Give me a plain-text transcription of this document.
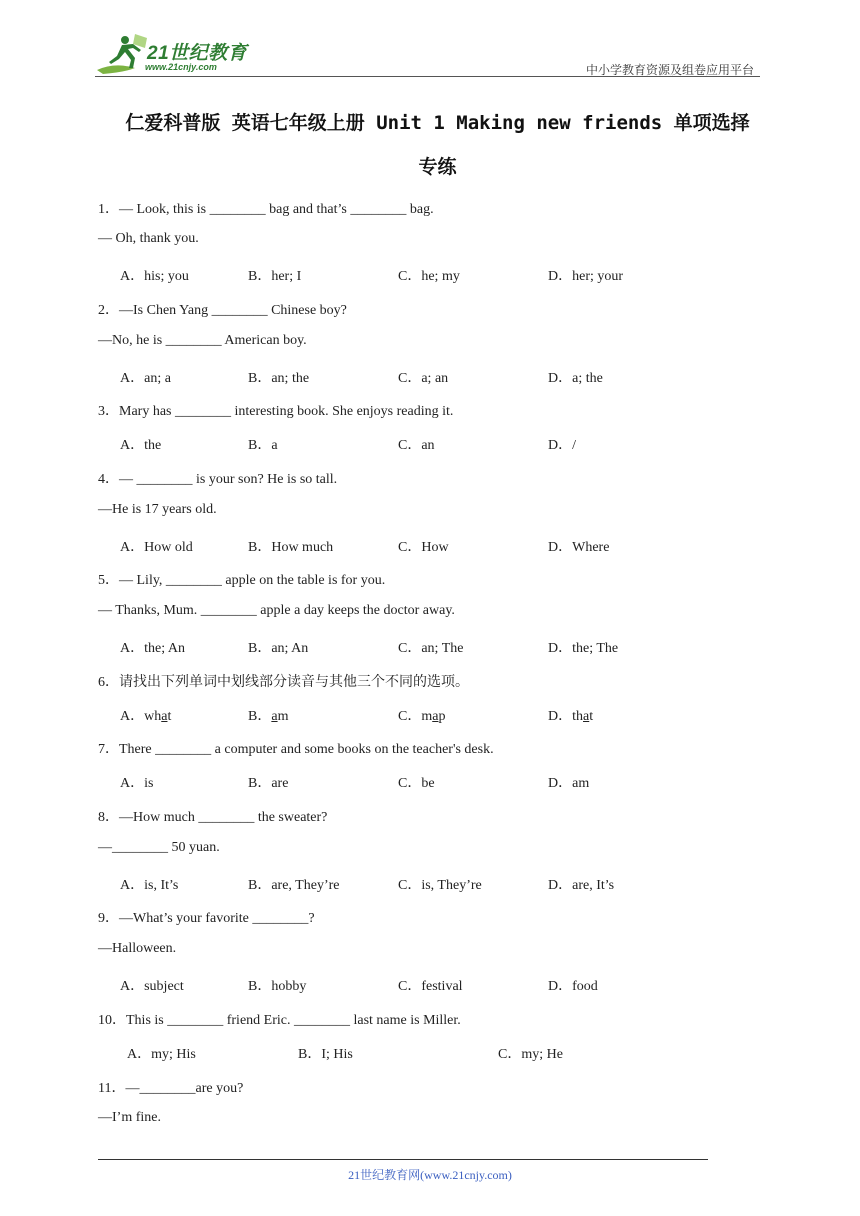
21世纪教育
www.21cnjy.com	中小学教育资源及组卷应用平台
仁爱科普版 英语七年级上册 Unit 1 Making new friends 单项选择
专练
1．— Look, this is ________ bag and that’s ________ bag.
— Oh, thank you.
A．his; you	B．her; I	C．he; my	D．her; your
2．—Is Chen Yang ________ Chinese boy?
—No, he is ________ American boy.
A．an; a	B．an; the	C．a; an	D．a; the
3．Mary has ________ interesting book. She enjoys reading it.
A．the	B．a	C．an	D．/
4．— ________ is your son? He is so tall.
—He is 17 years old.
A．How old	B．How much	C．How	D．Where
5．— Lily, ________ apple on the table is for you.
— Thanks, Mum. ________ apple a day keeps the doctor away.
A．the; An	B．an; An	C．an; The	D．the; The
6．请找出下列单词中划线部分读音与其他三个不同的选项。
A．what	B．am	C．map	D．that
7．There ________ a computer and some books on the teacher's desk.
A．is	B．are	C．be	D．am
8．—How much ________ the sweater?
—________ 50 yuan.
A．is, It’s	B．are, They’re	C．is, They’re	D．are, It’s
9．—What’s your favorite ________?
—Halloween.
A．subject	B．hobby	C．festival	D．food
10．This is ________ friend Eric. ________ last name is Miller.
A．my; His	B．I; His	C．my; He
11．—________are you?
—I’m fine.
21世纪教育网(www.21cnjy.com)
